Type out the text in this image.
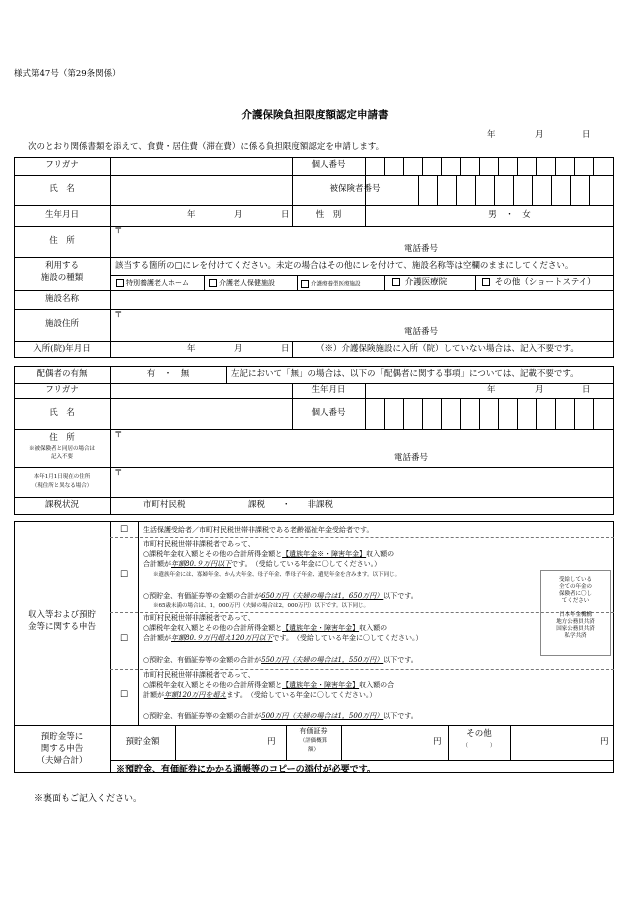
様式第47号（第29条関係）
介護保険負担限度額認定申請書
年	月	日
次のとおり関係書類を添えて、食費・居住費（滞在費）に係る負担限度額認定を申請します。
フリガナ	個人番号
氏　名	被保険者番号
生年月日	年	月	日	性　別	男　・　女
住　所
〒
電話番号
利用する
施設の種類
該当する箇所の□にレを付けてください。未定の場合はその他にレを付けて、施設名称等は空欄のままにしてください。
特別養護老人ホーム	介護老人保健施設	介護療養型医療施設	介護医療院	その他（ショートステイ）
施設名称
施設住所
〒
電話番号
入所(院)年月日	年	月	日	（※）介護保険施設に入所（院）していない場合は、記入不要です。
配偶者の有無	有　・　無	左記において「無」の場合は、以下の「配偶者に関する事項」については、記載不要です。
フリガナ	生年月日	年	月	日
氏　名	個人番号
住　所
※被保険者と同居の場合は
記入不要
〒
電話番号
本年1月1日現在の住所
（現住所と異なる場合）
〒
課税状況	市町村民税	課税　　・　　非課税
収入等および預貯
金等に関する申告
□ 生活保護受給者／市町村民税世帯非課税である老齢福祉年金受給者です。
□
市町村民税世帯非課税者であって、
○課税年金収入額とその他の合計所得金額と【遺族年金※・障害年金】収入額の
合計額が年額80.９万円以下です。　（受給している年金に〇してください。）
※遺族年金には、寡婦年金、かん夫年金、母子年金、準母子年金、遺児年金を含みます。以下同じ。
○預貯金、有価証券等の金額の合計が650万円（夫婦の場合は1，650万円）以下です。
※65歳未満の場合は、1，000万円（夫婦の場合は2，000万円）以下です。以下同じ。
□
市町村民税世帯非課税者であって、
○課税年金収入額とその他の合計所得金額と【遺族年金・障害年金】収入額の
合計額が年額80.９万円超え120万円以下です。　（受給している年金に〇してください。）
○預貯金、有価証券等の金額の合計が550万円（夫婦の場合は1，550万円）以下です。
□
市町村民税世帯非課税者であって、
○課税年金収入額とその他の合計所得金額と【遺族年金・障害年金】収入額の合
計額が年額120万円を超えます。　（受給している年金に〇してください。）
○預貯金、有価証券等の金額の合計が500万円（夫婦の場合は1，500万円）以下です。
受給している
全ての年金の
保険者に〇し
てください
日本年金機構
地方公務員共済
国家公務員共済
私学共済
預貯金等に
関する申告
（夫婦合計）
預貯金額	円
有価証券
（評価概算
額）
円
その他
（　　　　）	円
※預貯金、有価証券にかかる通帳等のコピーの添付が必要です。
※裏面もご記入ください。
